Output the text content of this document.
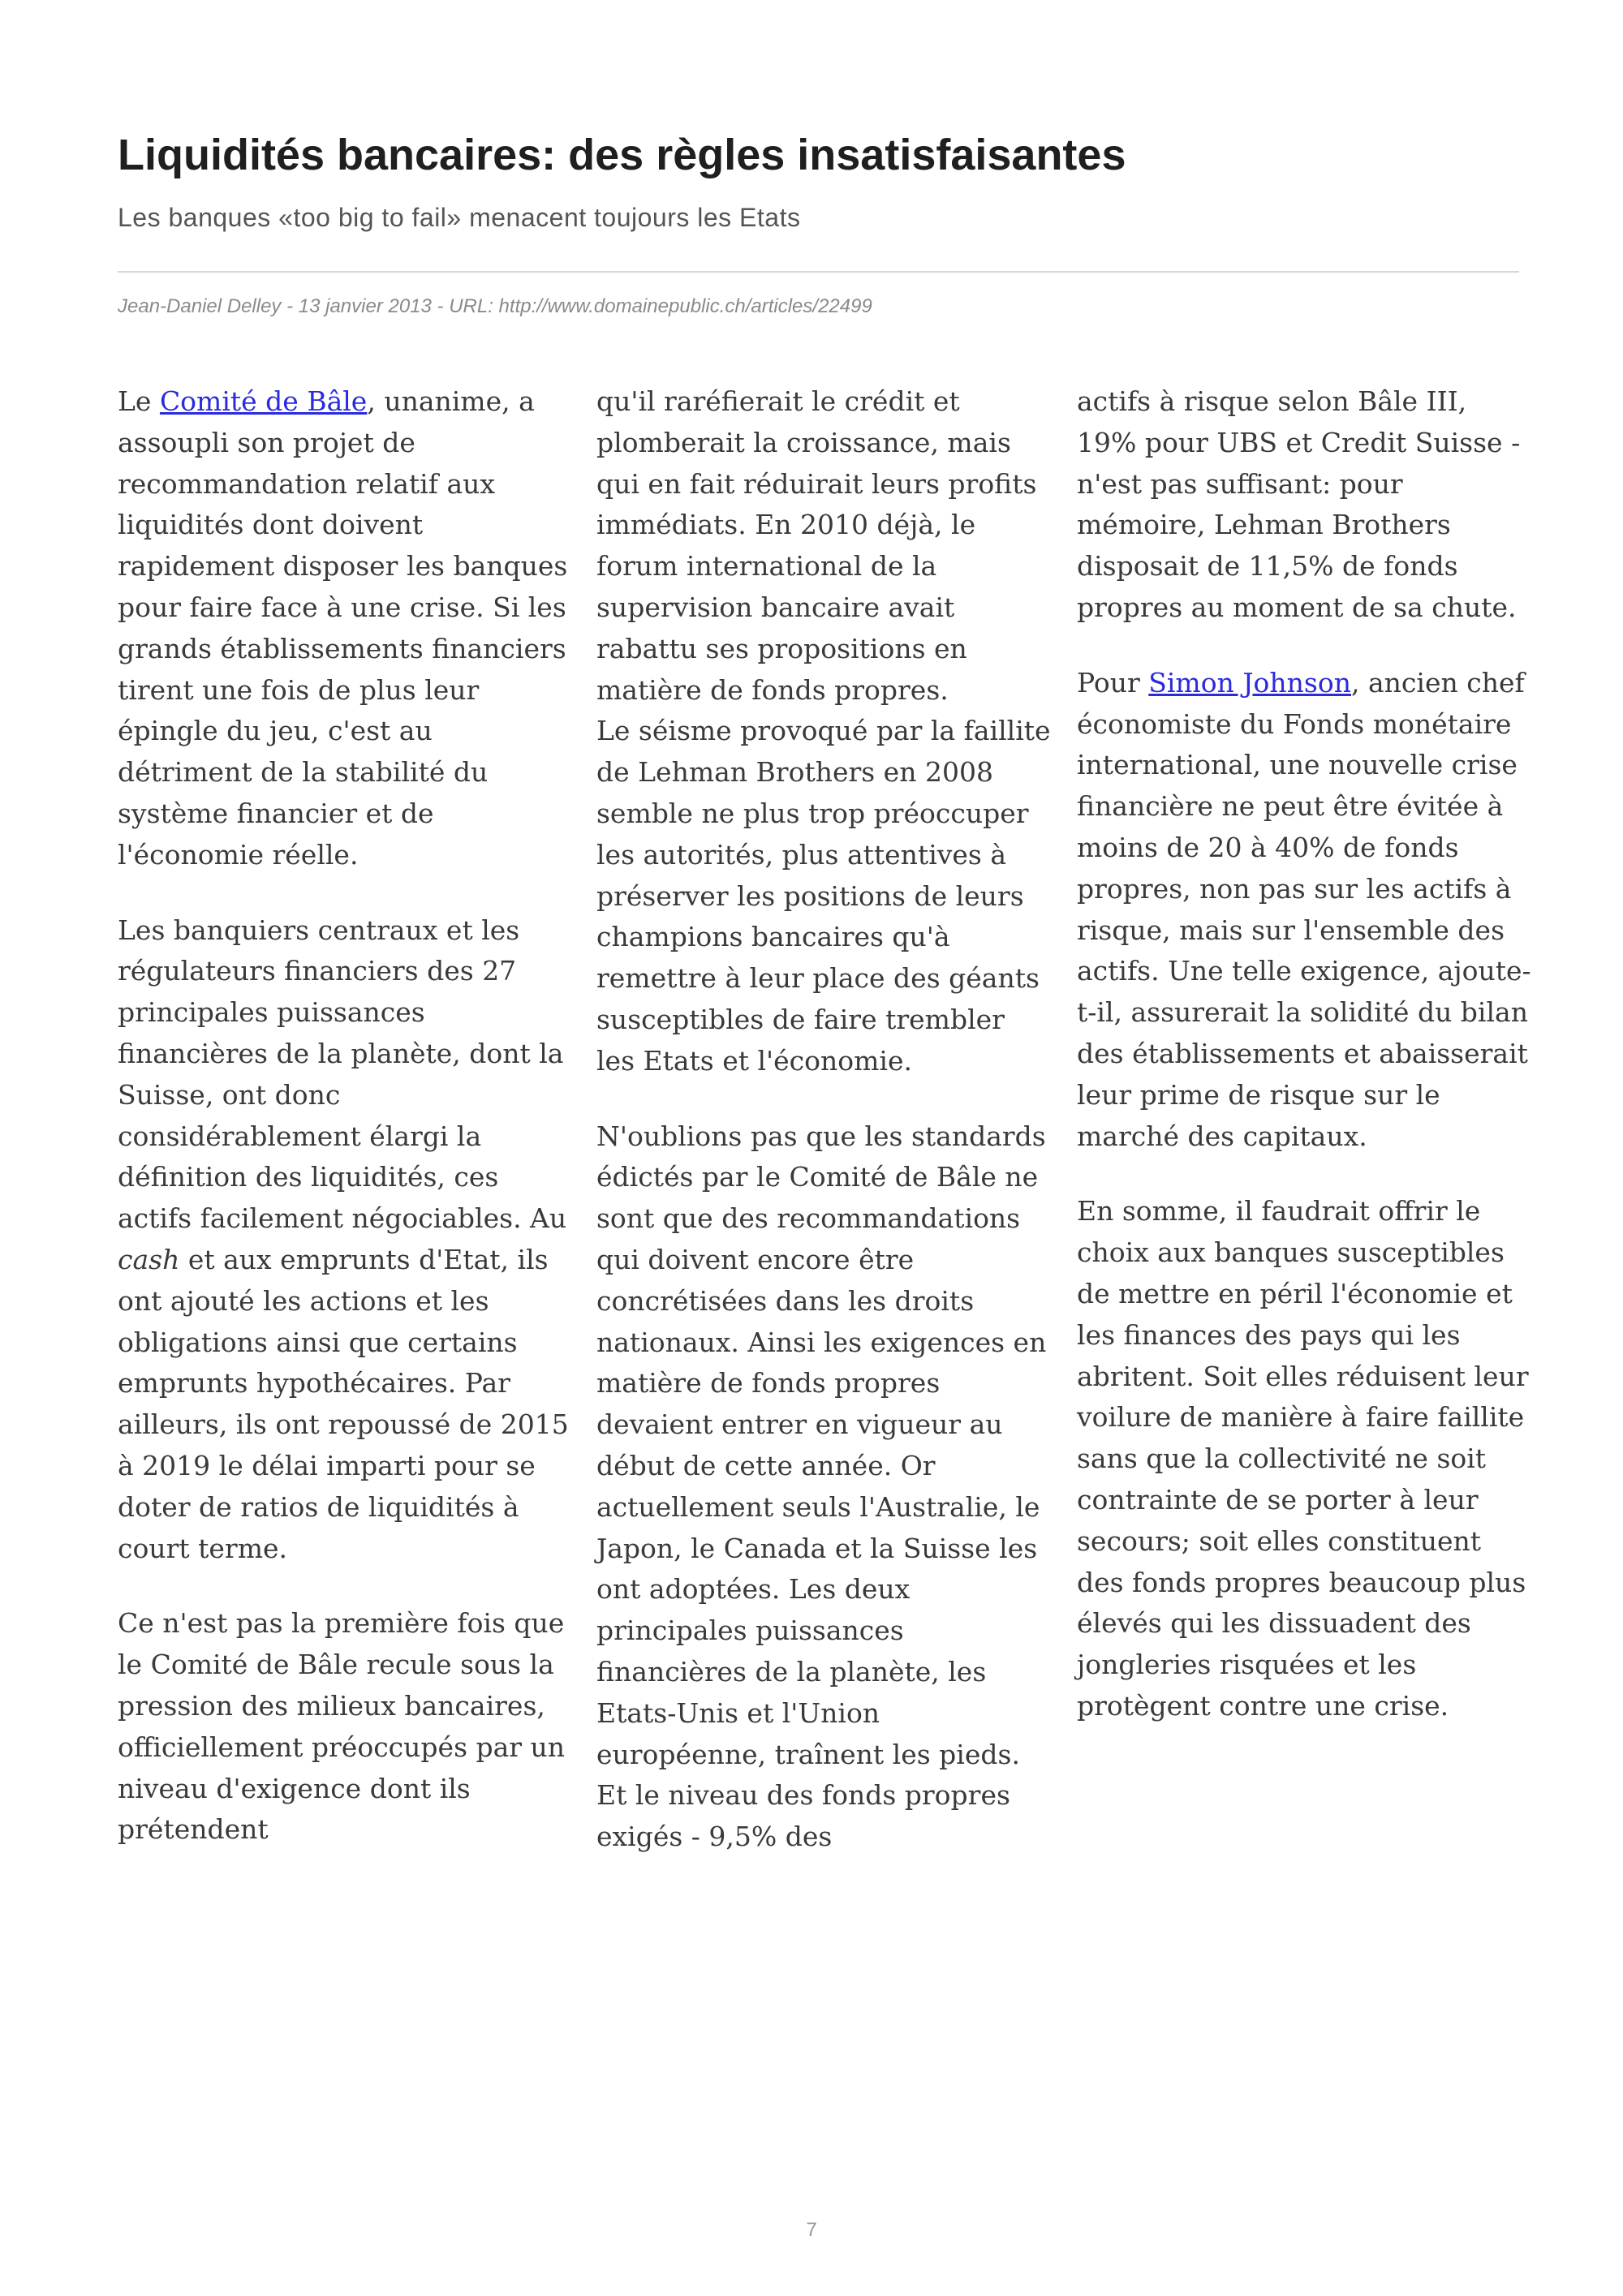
Liquidités bancaires: des règles insatisfaisantes

Les banques «too big to fail» menacent toujours les Etats

Jean-Daniel Delley - 13 janvier 2013 - URL: http://www.domainepublic.ch/articles/22499

Le Comité de Bâle, unanime, a assoupli son projet de recommandation relatif aux liquidités dont doivent rapidement disposer les banques pour faire face à une crise. Si les grands établissements financiers tirent une fois de plus leur épingle du jeu, c'est au détriment de la stabilité du système financier et de l'économie réelle.

Les banquiers centraux et les régulateurs financiers des 27 principales puissances financières de la planète, dont la Suisse, ont donc considérablement élargi la définition des liquidités, ces actifs facilement négociables. Au cash et aux emprunts d'Etat, ils ont ajouté les actions et les obligations ainsi que certains emprunts hypothécaires. Par ailleurs, ils ont repoussé de 2015 à 2019 le délai imparti pour se doter de ratios de liquidités à court terme.

Ce n'est pas la première fois que le Comité de Bâle recule sous la pression des milieux bancaires, officiellement préoccupés par un niveau d'exigence dont ils prétendent

qu'il raréfierait le crédit et plomberait la croissance, mais qui en fait réduirait leurs profits immédiats. En 2010 déjà, le forum international de la supervision bancaire avait rabattu ses propositions en matière de fonds propres.

Le séisme provoqué par la faillite de Lehman Brothers en 2008 semble ne plus trop préoccuper les autorités, plus attentives à préserver les positions de leurs champions bancaires qu'à remettre à leur place des géants susceptibles de faire trembler les Etats et l'économie.

N'oublions pas que les standards édictés par le Comité de Bâle ne sont que des recommandations qui doivent encore être concrétisées dans les droits nationaux. Ainsi les exigences en matière de fonds propres devaient entrer en vigueur au début de cette année. Or actuellement seuls l'Australie, le Japon, le Canada et la Suisse les ont adoptées. Les deux principales puissances financières de la planète, les Etats-Unis et l'Union européenne, traînent les pieds. Et le niveau des fonds propres exigés - 9,5% des

actifs à risque selon Bâle III, 19% pour UBS et Credit Suisse - n'est pas suffisant: pour mémoire, Lehman Brothers disposait de 11,5% de fonds propres au moment de sa chute.

Pour Simon Johnson, ancien chef économiste du Fonds monétaire international, une nouvelle crise financière ne peut être évitée à moins de 20 à 40% de fonds propres, non pas sur les actifs à risque, mais sur l'ensemble des actifs. Une telle exigence, ajoute-t-il, assurerait la solidité du bilan des établissements et abaisserait leur prime de risque sur le marché des capitaux.

En somme, il faudrait offrir le choix aux banques susceptibles de mettre en péril l'économie et les finances des pays qui les abritent. Soit elles réduisent leur voilure de manière à faire faillite sans que la collectivité ne soit contrainte de se porter à leur secours; soit elles constituent des fonds propres beaucoup plus élevés qui les dissuadent des jongleries risquées et les protègent contre une crise.

7
